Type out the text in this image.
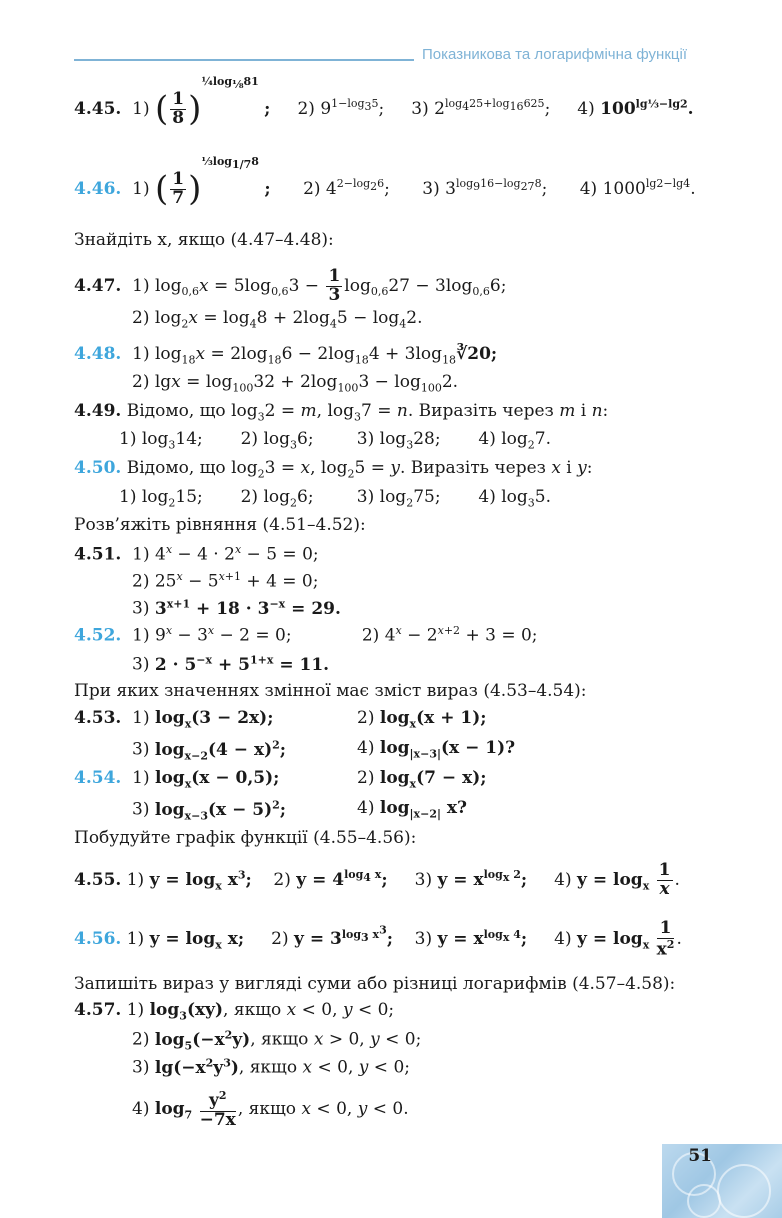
Показникова та логарифмічна функції
4.45.  1) ( $\frac{1}{8} )^{\frac{1}{4}log_{\frac{1}{8}}81}$ ;     2) $9^{1-log_35}$;     3) $2^{log_425+log_{16}625}$;     4) $100^{lg\frac{1}{3}-lg2}$.
4.46.  1) ( $\frac{1}{7} )^{\frac{1}{3}log_{1/7}8}$ ;      2) $4^{2-log_26}$;      3) $3^{log_916-log_{27}8}$;      4) $1000^{lg2-lg4}$.
Знайдіть x, якщо (4.47–4.48):
4.47.  1) $\log_{0,6}x = 5\log_{0,6}3 - \frac{1}{3} \log_{0,6}27 - 3\log_{0,6}6$;
2) $\log_2x = \log_48 + 2\log_45 - \log_42$.
4.48.  1) $\log_{18}x = 2\log_{18}6 - 2\log_{18}4$ + $3\log_{18}∛20$;
2) $\lg x = \log_{100}32 + 2\log_{100}3 - \log_{100}2$.
4.49. Відомо, що $\log_32 = m$, $\log_37 = n$. Виразіть через m і n:
1) $\log_314$;       2) $\log_36$;        3) $\log_328$;       4) $\log_27$.
4.50. Відомо, що $\log_23 = x$, $\log_25 = y$. Виразіть через x і y:
1) $\log_215$;       2) $\log_26$;        3) $\log_275$;       4) $\log_35$.
Розв’яжіть рівняння (4.51–4.52):
4.51.  1) $4^x - 4 \cdot 2^x - 5 = 0$;
2) $25^x - 5^{x+1} + 4 = 0$;
3) $3^{x+1} + 18 \cdot 3^{-x} = 29$.
4.52.  1) $9^x - 3^x - 2 = 0$;             2) $4^x - 2^{x+2} + 3 = 0$;
3) $2 \cdot 5^{-x} + 5^{1+x} = 11$.
При яких значеннях змінної має зміст вираз (4.53–4.54):
4.53.  1) $\log_x(3 - 2x)$;	2) $\log_x(x + 1)$;
3) $\log_{x-2}(4 - x)^2$;	4) $\log_{|x-3|}(x - 1)$?
4.54.  1) $\log_x(x - 0,5)$;	2) $\log_x(7 - x)$;
3) $\log_{x-3}(x - 5)^2$;	4) $\log_{|x-2|} x$?
Побудуйте графік функції (4.55–4.56):
4.55. 1) $y = \log_x x^3$;    2) $y = 4^{log_4 x}$;     3) $y = x^{log_x 2}$;     4) $y = \log_x \frac{1}{x}$ .
4.56. 1) $y = \log_x x$;     2) $y = 3^{log_3 x^3}$;    3) $y = x^{log_x 4}$;     4) $y = \log_x \frac{1}{x^2}$ .
Запишіть вираз у вигляді суми або різниці логарифмів (4.57–4.58):
4.57. 1) $\log_3(xy)$, якщо x < 0, y < 0;
2) $\log_5(-x^2y)$, якщо x > 0, y < 0;
3) $\lg(-x^2y^3)$, якщо x < 0, y < 0;
4) $\log_7 \frac{y^2}{-7x}$ , якщо x < 0, y < 0.
51
